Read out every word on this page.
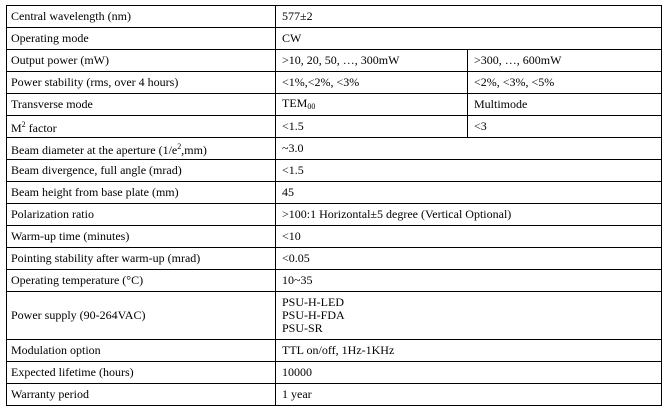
Central wavelength (nm)	577±2	
Operating mode	CW	
Output power (mW)	>10, 20, 50, …, 300mW	>300, …, 600mW
Power stability (rms, over 4 hours)	<1%,<2%, <3%	<2%, <3%, <5%
Transverse mode	$TEM_{00}$	Multimode
$M^2$ factor	<1.5	<3
Beam diameter at the aperture $(1/e^2,mm)$	~3.0	
Beam divergence, full angle (mrad)	<1.5	
Beam height from base plate (mm)	45	
Polarization ratio	>100:1 Horizontal±5 degree (Vertical Optional)	
Warm-up time (minutes)	<10	
Pointing stability after warm-up (mrad)	<0.05	
Operating temperature (°C)	10~35	
Power supply (90-264VAC)	PSU-H-LED
PSU-H-FDA
PSU-SR	

Modulation option	TTL on/off, 1Hz-1KHz	
Expected lifetime (hours)	10000	
Warranty period	1 year	
